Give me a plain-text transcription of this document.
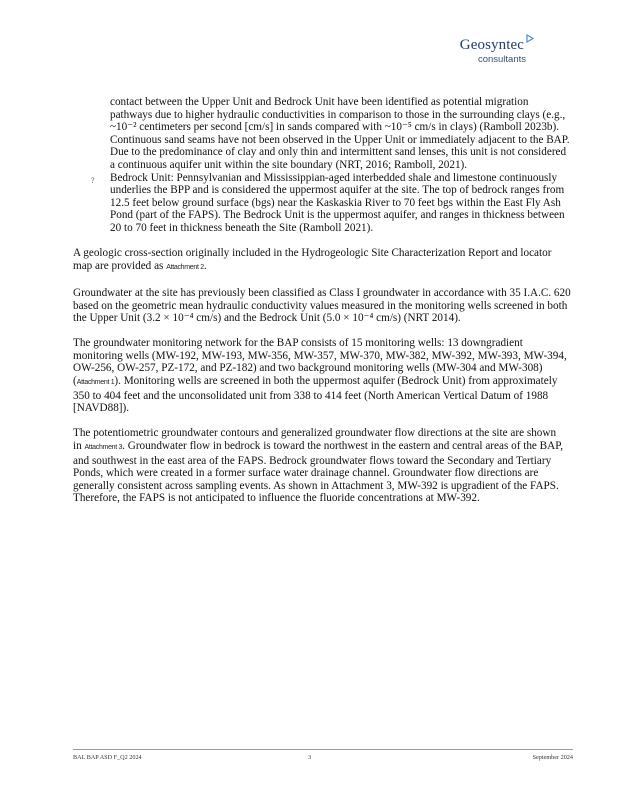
Geosyntec
consultants
contact between the Upper Unit and Bedrock Unit have been identified as potential migration pathways due to higher hydraulic conductivities in comparison to those in the surrounding clays (e.g., ~10⁻² centimeters per second [cm/s] in sands compared with ~10⁻⁵ cm/s in clays) (Ramboll 2023b). Continuous sand seams have not been observed in the Upper Unit or immediately adjacent to the BAP. Due to the predominance of clay and only thin and intermittent sand lenses, this unit is not considered a continuous aquifer unit within the site boundary (NRT, 2016; Ramboll, 2021).
? Bedrock Unit: Pennsylvanian and Mississippian-aged interbedded shale and limestone continuously underlies the BPP and is considered the uppermost aquifer at the site. The top of bedrock ranges from 12.5 feet below ground surface (bgs) near the Kaskaskia River to 70 feet bgs within the East Fly Ash Pond (part of the FAPS). The Bedrock Unit is the uppermost aquifer, and ranges in thickness between 20 to 70 feet in thickness beneath the Site (Ramboll 2021).

A geologic cross-section originally included in the Hydrogeologic Site Characterization Report and locator map are provided as Attachment 2.

Groundwater at the site has previously been classified as Class I groundwater in accordance with 35 I.A.C. 620 based on the geometric mean hydraulic conductivity values measured in the monitoring wells screened in both the Upper Unit (3.2 × 10⁻⁴ cm/s) and the Bedrock Unit (5.0 × 10⁻⁴ cm/s) (NRT 2014).

The groundwater monitoring network for the BAP consists of 15 monitoring wells: 13 downgradient monitoring wells (MW-192, MW-193, MW-356, MW-357, MW-370, MW-382, MW-392, MW-393, MW-394, OW-256, OW-257, PZ-172, and PZ-182) and two background monitoring wells (MW-304 and MW-308) (Attachment 1). Monitoring wells are screened in both the uppermost aquifer (Bedrock Unit) from approximately 350 to 404 feet and the unconsolidated unit from 338 to 414 feet (North American Vertical Datum of 1988 [NAVD88]).

The potentiometric groundwater contours and generalized groundwater flow directions at the site are shown in Attachment 3. Groundwater flow in bedrock is toward the northwest in the eastern and central areas of the BAP, and southwest in the east area of the FAPS. Bedrock groundwater flows toward the Secondary and Tertiary Ponds, which were created in a former surface water drainage channel. Groundwater flow directions are generally consistent across sampling events. As shown in Attachment 3, MW-392 is upgradient of the FAPS. Therefore, the FAPS is not anticipated to influence the fluoride concentrations at MW-392.

BAL BAP ASD F_Q2 2024	3	September 2024
